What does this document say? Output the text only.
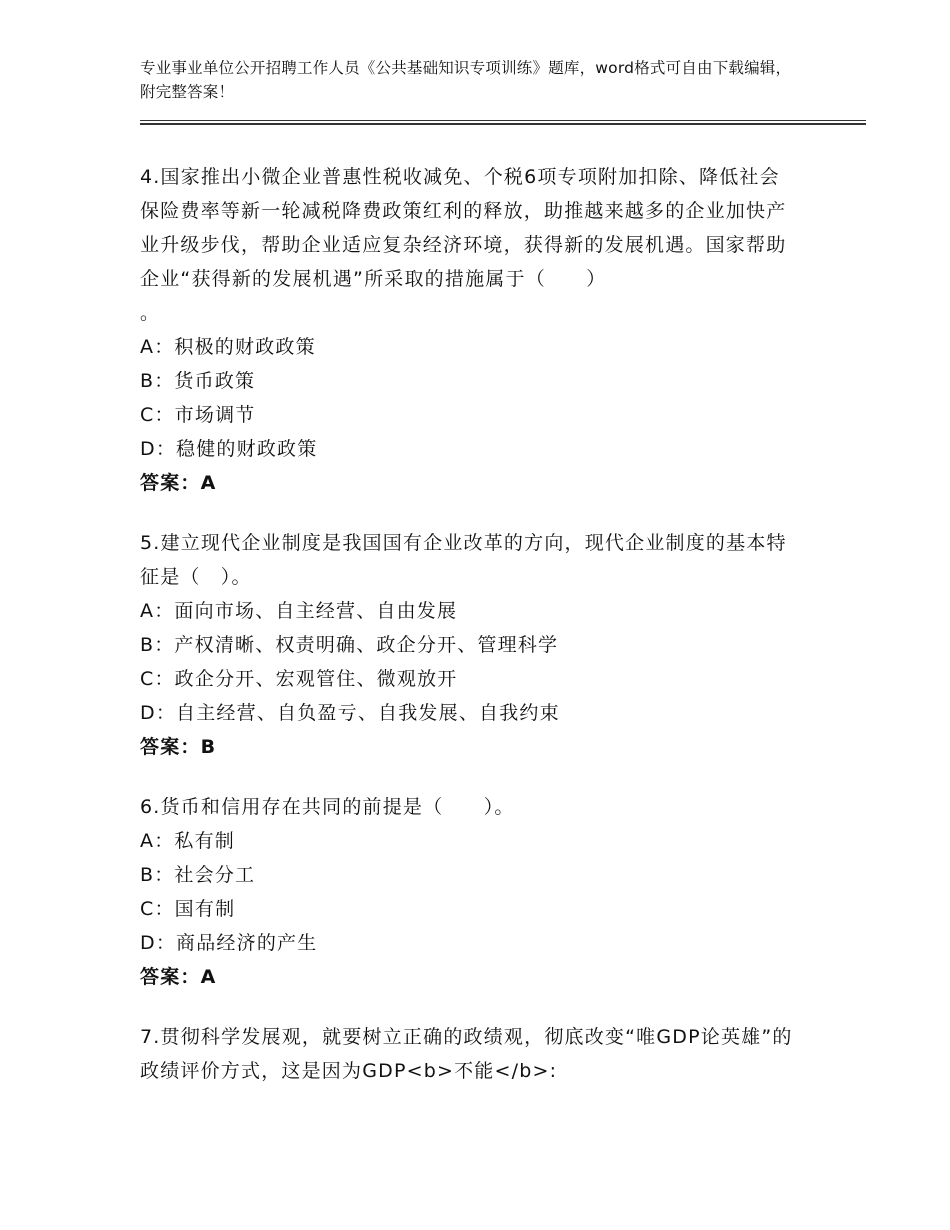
专业事业单位公开招聘工作人员《公共基础知识专项训练》题库，word格式可自由下载编辑，附完整答案！

4.国家推出小微企业普惠性税收减免、个税6项专项附加扣除、降低社会保险费率等新一轮减税降费政策红利的释放，助推越来越多的企业加快产业升级步伐，帮助企业适应复杂经济环境，获得新的发展机遇。国家帮助企业“获得新的发展机遇”所采取的措施属于（　　）

。

A：积极的财政政策

B：货币政策

C：市场调节

D：稳健的财政政策

答案：A

5.建立现代企业制度是我国国有企业改革的方向，现代企业制度的基本特征是（　）。

A：面向市场、自主经营、自由发展

B：产权清晰、权责明确、政企分开、管理科学

C：政企分开、宏观管住、微观放开

D：自主经营、自负盈亏、自我发展、自我约束

答案：B

6.货币和信用存在共同的前提是（　　）。

A：私有制

B：社会分工

C：国有制

D：商品经济的产生

答案：A

7.贯彻科学发展观，就要树立正确的政绩观，彻底改变“唯GDP论英雄”的政绩评价方式，这是因为GDP<b>不能</b>:
